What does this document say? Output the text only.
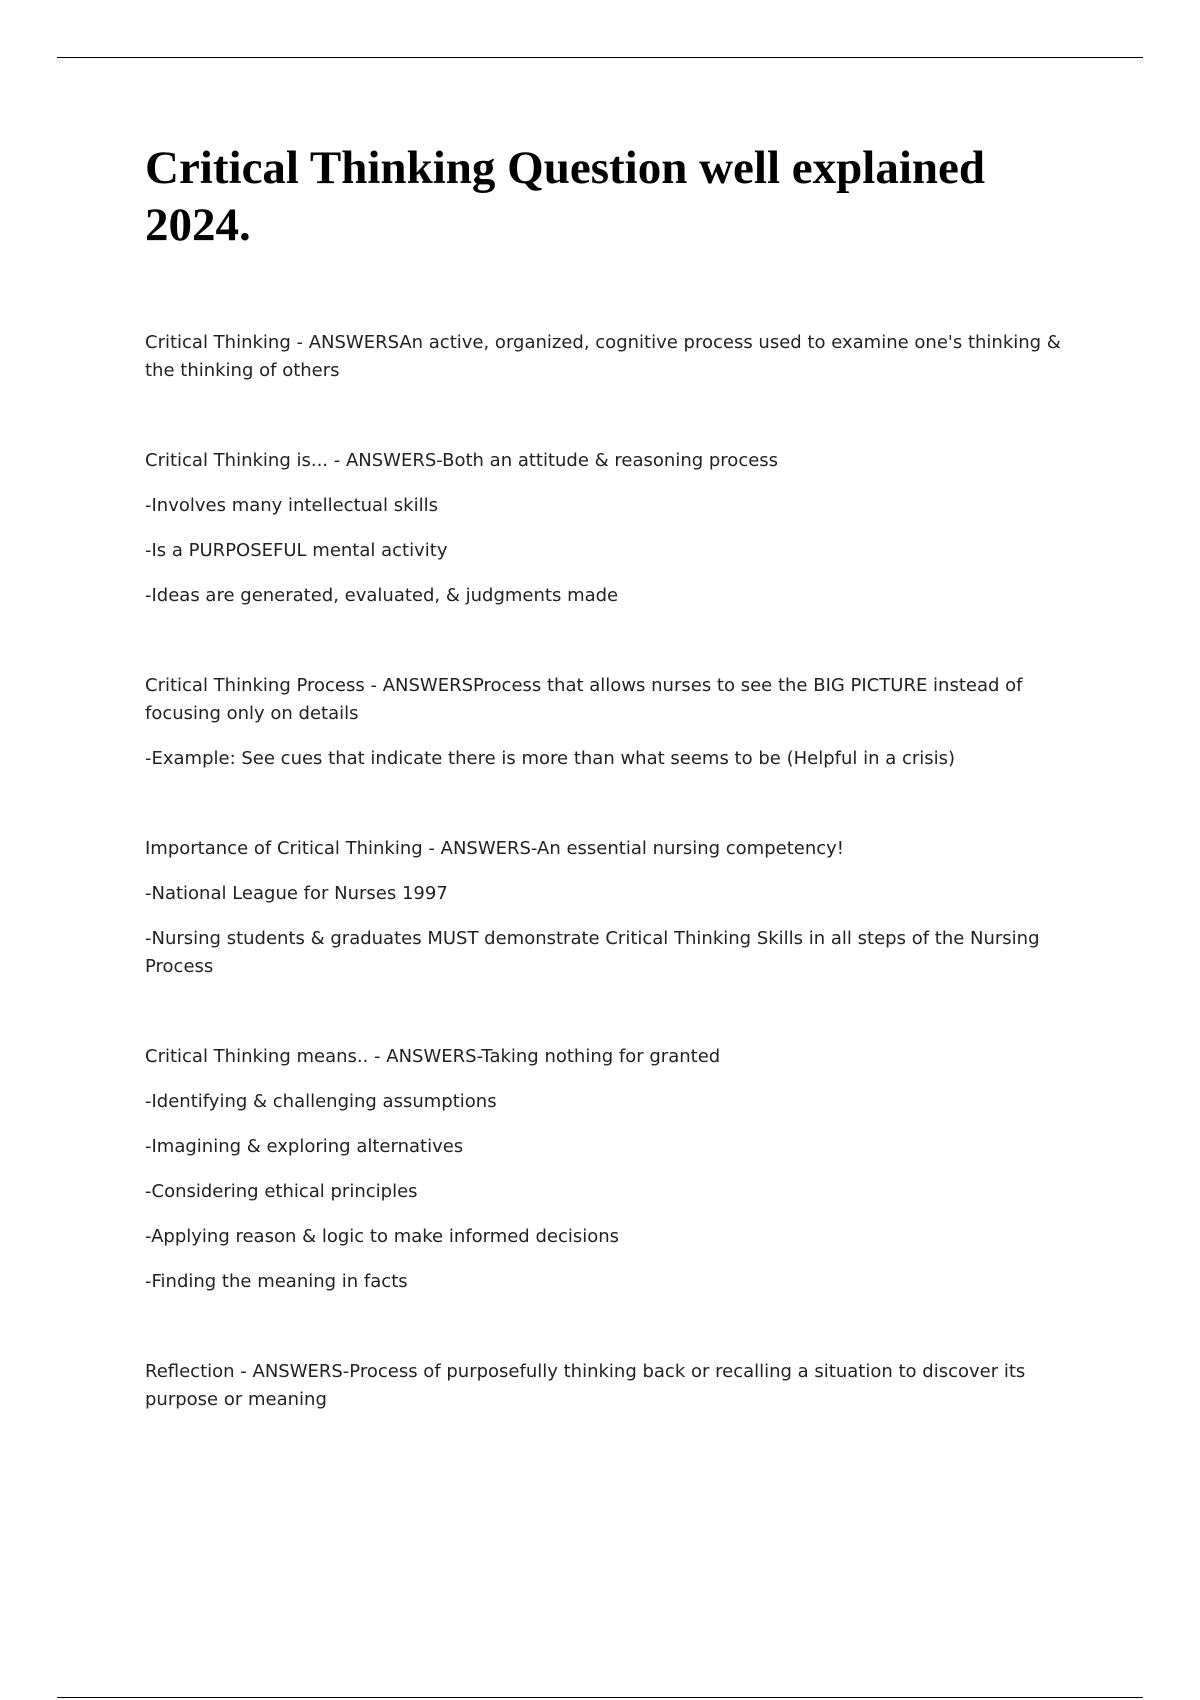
Critical Thinking Question well explained 2024.

Critical Thinking - ANSWERSAn active, organized, cognitive process used to examine one's thinking & the thinking of others

Critical Thinking is... - ANSWERS-Both an attitude & reasoning process

-Involves many intellectual skills

-Is a PURPOSEFUL mental activity

-Ideas are generated, evaluated, & judgments made

Critical Thinking Process - ANSWERSProcess that allows nurses to see the BIG PICTURE instead of focusing only on details

-Example: See cues that indicate there is more than what seems to be (Helpful in a crisis)

Importance of Critical Thinking - ANSWERS-An essential nursing competency!

-National League for Nurses 1997

-Nursing students & graduates MUST demonstrate Critical Thinking Skills in all steps of the Nursing Process

Critical Thinking means.. - ANSWERS-Taking nothing for granted

-Identifying & challenging assumptions

-Imagining & exploring alternatives

-Considering ethical principles

-Applying reason & logic to make informed decisions

-Finding the meaning in facts

Reflection - ANSWERS-Process of purposefully thinking back or recalling a situation to discover its purpose or meaning
